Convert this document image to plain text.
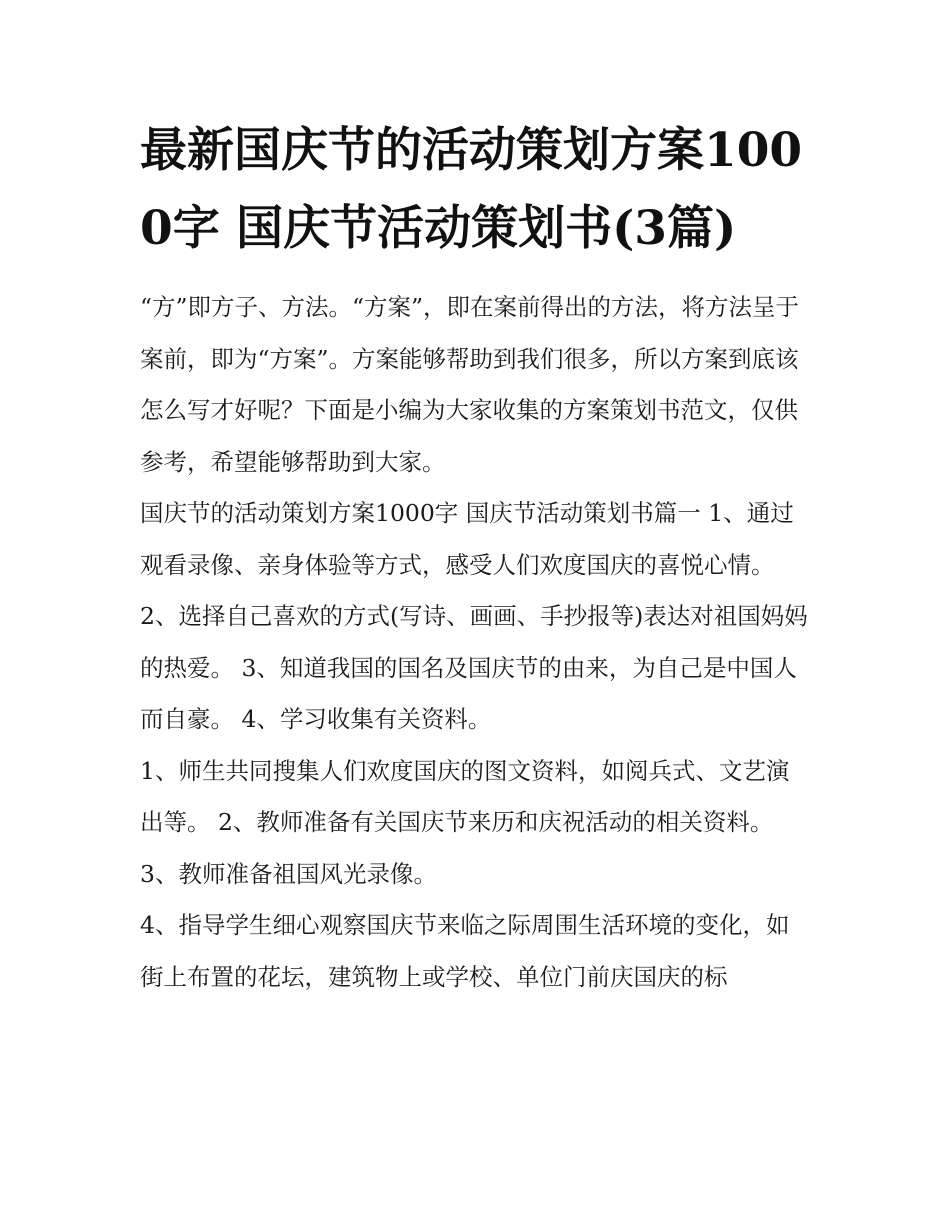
最新国庆节的活动策划方案1000字 国庆节活动策划书(3篇)

“方”即方子、方法。“方案”，即在案前得出的方法，将方法呈于案前，即为“方案”。方案能够帮助到我们很多，所以方案到底该怎么写才好呢？下面是小编为大家收集的方案策划书范文，仅供参考，希望能够帮助到大家。

国庆节的活动策划方案1000字 国庆节活动策划书篇一 1、通过观看录像、亲身体验等方式，感受人们欢度国庆的喜悦心情。

2、选择自己喜欢的方式(写诗、画画、手抄报等)表达对祖国妈妈的热爱。 3、知道我国的国名及国庆节的由来，为自己是中国人而自豪。 4、学习收集有关资料。

1、师生共同搜集人们欢度国庆的图文资料，如阅兵式、文艺演出等。 2、教师准备有关国庆节来历和庆祝活动的相关资料。 3、教师准备祖国风光录像。

4、指导学生细心观察国庆节来临之际周围生活环境的变化，如街上布置的花坛，建筑物上或学校、单位门前庆国庆的标
